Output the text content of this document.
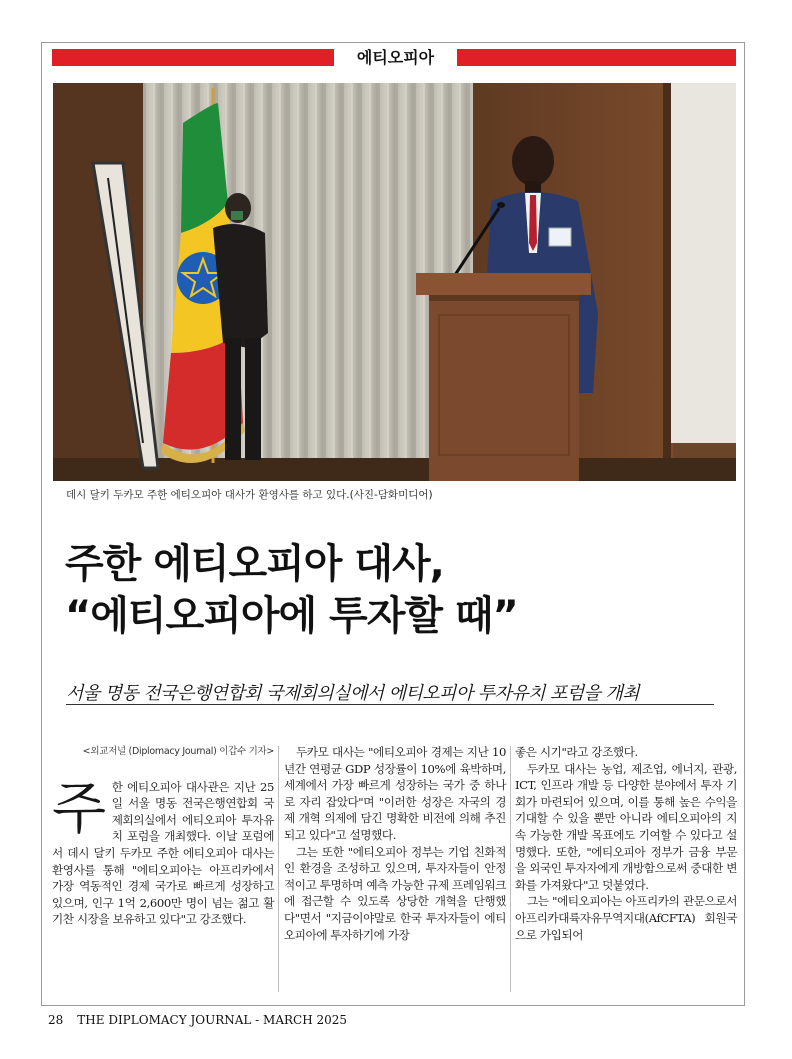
에티오피아
데시 달키 두카모 주한 에티오피아 대사가 환영사를 하고 있다.(사진-담화미디어)
주한 에티오피아 대사,
“에티오피아에 투자할 때”
서울 명동 전국은행연합회 국제회의실에서 에티오피아 투자유치 포럼을 개최
<외교저널 (Diplomacy Journal) 이갑수 기자>
주 한 에티오피아 대사관은 지난 25일 서울 명동 전국은행연합회 국제회의실에서 에티오피아 투자유치 포럼을 개최했다. 이날 포럼에서 데시 달키 두카모 주한 에티오피아 대사는 환영사를 통해 "에티오피아는 아프리카에서 가장 역동적인 경제 국가로 빠르게 성장하고 있으며, 인구 1억 2,600만 명이 넘는 젊고 활기찬 시장을 보유하고 있다"고 강조했다.

두카모 대사는 "에티오피아 경제는 지난 10년간 연평균 GDP 성장률이 10%에 육박하며, 세계에서 가장 빠르게 성장하는 국가 중 하나로 자리 잡았다"며 "이러한 성장은 자국의 경제 개혁 의제에 담긴 명확한 비전에 의해 추진되고 있다"고 설명했다.

그는 또한 "에티오피아 정부는 기업 친화적인 환경을 조성하고 있으며, 투자자들이 안정적이고 투명하며 예측 가능한 규제 프레임워크에 접근할 수 있도록 상당한 개혁을 단행했다"면서 "지금이야말로 한국 투자자들이 에티오피아에 투자하기에 가장

좋은 시기"라고 강조했다.

두카모 대사는 농업, 제조업, 에너지, 관광, ICT, 인프라 개발 등 다양한 분야에서 투자 기회가 마련되어 있으며, 이를 통해 높은 수익을 기대할 수 있을 뿐만 아니라 에티오피아의 지속 가능한 개발 목표에도 기여할 수 있다고 설명했다. 또한, "에티오피아 정부가 금융 부문을 외국인 투자자에게 개방함으로써 중대한 변화를 가져왔다"고 덧붙였다.

그는 "에티오피아는 아프리카의 관문으로서 아프리카대륙자유무역지대(AfCFTA) 회원국으로 가입되어

28 THE DIPLOMACY JOURNAL - MARCH 2025
